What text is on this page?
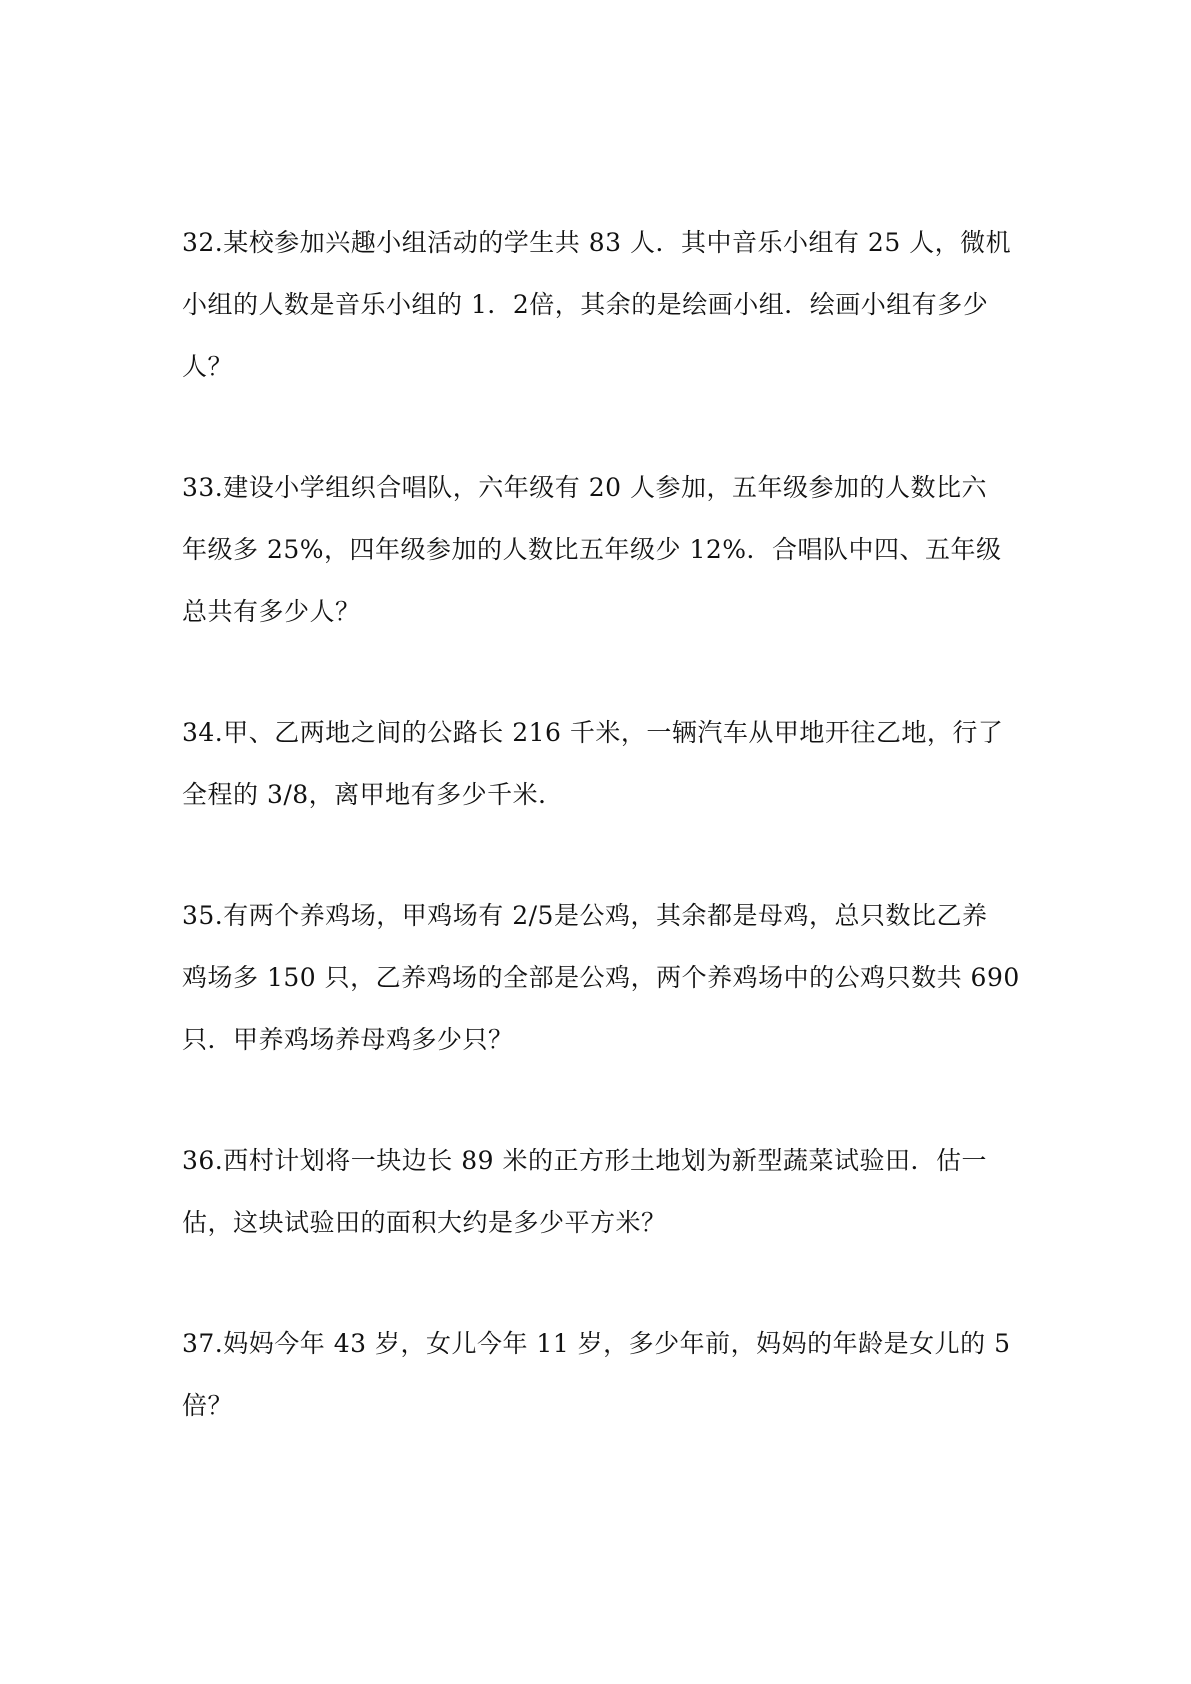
32.某校参加兴趣小组活动的学生共 83 人．其中音乐小组有 25 人，微机
小组的人数是音乐小组的 1．2倍，其余的是绘画小组．绘画小组有多少
人？
33.建设小学组织合唱队，六年级有 20 人参加，五年级参加的人数比六
年级多 25%，四年级参加的人数比五年级少 12%．合唱队中四、五年级
总共有多少人？
34.甲、乙两地之间的公路长 216 千米，一辆汽车从甲地开往乙地，行了
全程的 3/8，离甲地有多少千米．
35.有两个养鸡场，甲鸡场有 2/5是公鸡，其余都是母鸡，总只数比乙养
鸡场多 150 只，乙养鸡场的全部是公鸡，两个养鸡场中的公鸡只数共 690
只．甲养鸡场养母鸡多少只？
36.西村计划将一块边长 89 米的正方形土地划为新型蔬菜试验田．估一
估，这块试验田的面积大约是多少平方米？
37.妈妈今年 43 岁，女儿今年 11 岁，多少年前，妈妈的年龄是女儿的 5
倍？
